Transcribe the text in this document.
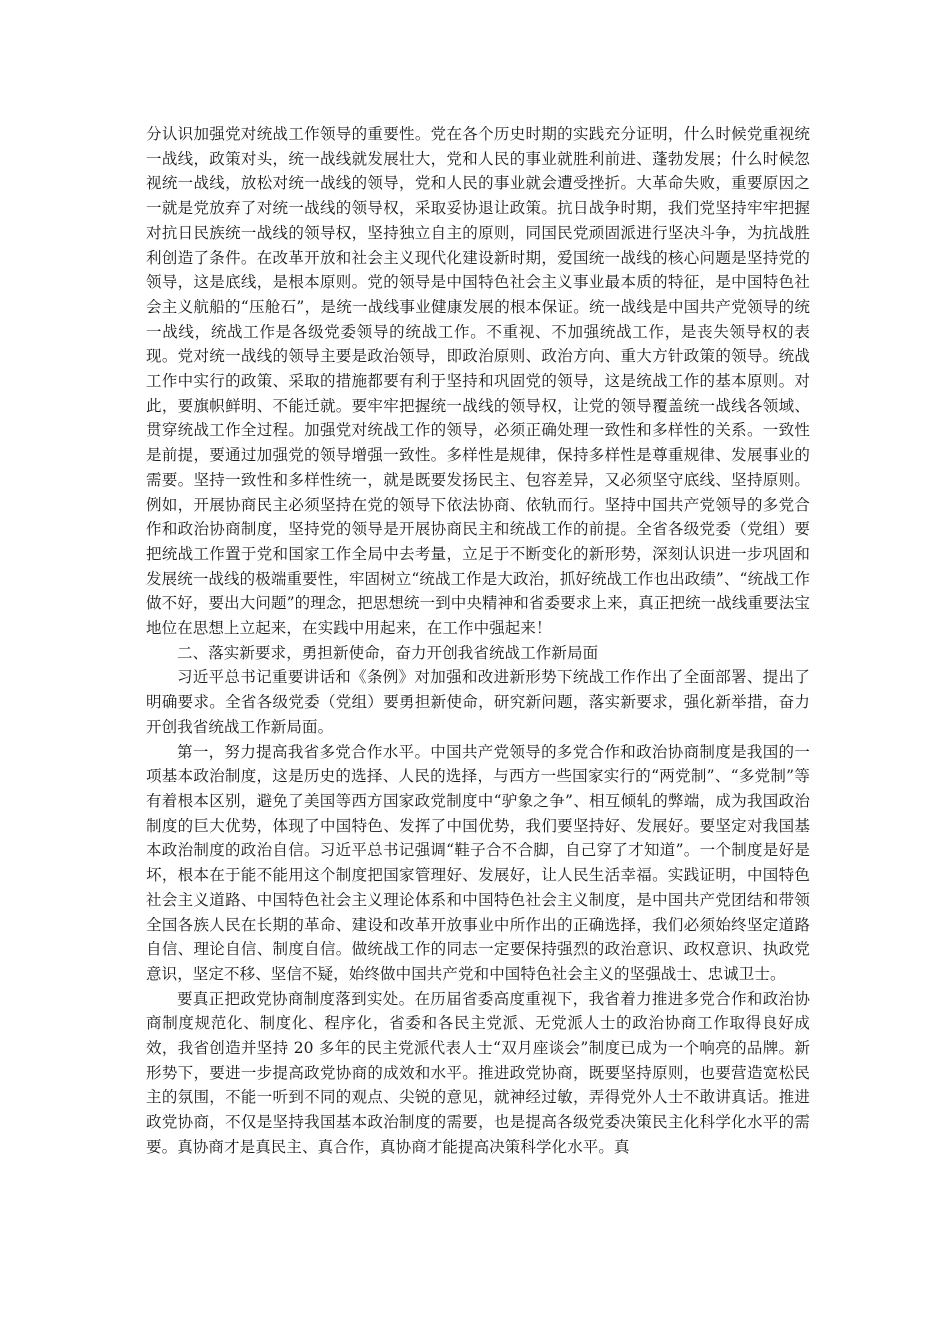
分认识加强党对统战工作领导的重要性。党在各个历史时期的实践充分证明，什么时候党重视统一战线，政策对头，统一战线就发展壮大，党和人民的事业就胜利前进、蓬勃发展；什么时候忽视统一战线，放松对统一战线的领导，党和人民的事业就会遭受挫折。大革命失败，重要原因之一就是党放弃了对统一战线的领导权，采取妥协退让政策。抗日战争时期，我们党坚持牢牢把握对抗日民族统一战线的领导权，坚持独立自主的原则，同国民党顽固派进行坚决斗争，为抗战胜利创造了条件。在改革开放和社会主义现代化建设新时期，爱国统一战线的核心问题是坚持党的领导，这是底线，是根本原则。党的领导是中国特色社会主义事业最本质的特征，是中国特色社会主义航船的“压舱石”，是统一战线事业健康发展的根本保证。统一战线是中国共产党领导的统一战线，统战工作是各级党委领导的统战工作。不重视、不加强统战工作，是丧失领导权的表现。党对统一战线的领导主要是政治领导，即政治原则、政治方向、重大方针政策的领导。统战工作中实行的政策、采取的措施都要有利于坚持和巩固党的领导，这是统战工作的基本原则。对此，要旗帜鲜明、不能迁就。要牢牢把握统一战线的领导权，让党的领导覆盖统一战线各领域、贯穿统战工作全过程。加强党对统战工作的领导，必须正确处理一致性和多样性的关系。一致性是前提，要通过加强党的领导增强一致性。多样性是规律，保持多样性是尊重规律、发展事业的需要。坚持一致性和多样性统一，就是既要发扬民主、包容差异，又必须坚守底线、坚持原则。例如，开展协商民主必须坚持在党的领导下依法协商、依轨而行。坚持中国共产党领导的多党合作和政治协商制度，坚持党的领导是开展协商民主和统战工作的前提。全省各级党委（党组）要把统战工作置于党和国家工作全局中去考量，立足于不断变化的新形势，深刻认识进一步巩固和发展统一战线的极端重要性，牢固树立“统战工作是大政治，抓好统战工作也出政绩”、“统战工作做不好，要出大问题”的理念，把思想统一到中央精神和省委要求上来，真正把统一战线重要法宝地位在思想上立起来，在实践中用起来，在工作中强起来！

二、落实新要求，勇担新使命，奋力开创我省统战工作新局面

习近平总书记重要讲话和《条例》对加强和改进新形势下统战工作作出了全面部署、提出了明确要求。全省各级党委（党组）要勇担新使命，研究新问题，落实新要求，强化新举措，奋力开创我省统战工作新局面。

第一，努力提高我省多党合作水平。中国共产党领导的多党合作和政治协商制度是我国的一项基本政治制度，这是历史的选择、人民的选择，与西方一些国家实行的“两党制”、“多党制”等有着根本区别，避免了美国等西方国家政党制度中“驴象之争”、相互倾轧的弊端，成为我国政治制度的巨大优势，体现了中国特色、发挥了中国优势，我们要坚持好、发展好。要坚定对我国基本政治制度的政治自信。习近平总书记强调“鞋子合不合脚，自己穿了才知道”。一个制度是好是坏，根本在于能不能用这个制度把国家管理好、发展好，让人民生活幸福。实践证明，中国特色社会主义道路、中国特色社会主义理论体系和中国特色社会主义制度，是中国共产党团结和带领全国各族人民在长期的革命、建设和改革开放事业中所作出的正确选择，我们必须始终坚定道路自信、理论自信、制度自信。做统战工作的同志一定要保持强烈的政治意识、政权意识、执政党意识，坚定不移、坚信不疑，始终做中国共产党和中国特色社会主义的坚强战士、忠诚卫士。

要真正把政党协商制度落到实处。在历届省委高度重视下，我省着力推进多党合作和政治协商制度规范化、制度化、程序化，省委和各民主党派、无党派人士的政治协商工作取得良好成效，我省创造并坚持 20 多年的民主党派代表人士“双月座谈会”制度已成为一个响亮的品牌。新形势下，要进一步提高政党协商的成效和水平。推进政党协商，既要坚持原则，也要营造宽松民主的氛围，不能一听到不同的观点、尖锐的意见，就神经过敏，弄得党外人士不敢讲真话。推进政党协商，不仅是坚持我国基本政治制度的需要，也是提高各级党委决策民主化科学化水平的需要。真协商才是真民主、真合作，真协商才能提高决策科学化水平。真
